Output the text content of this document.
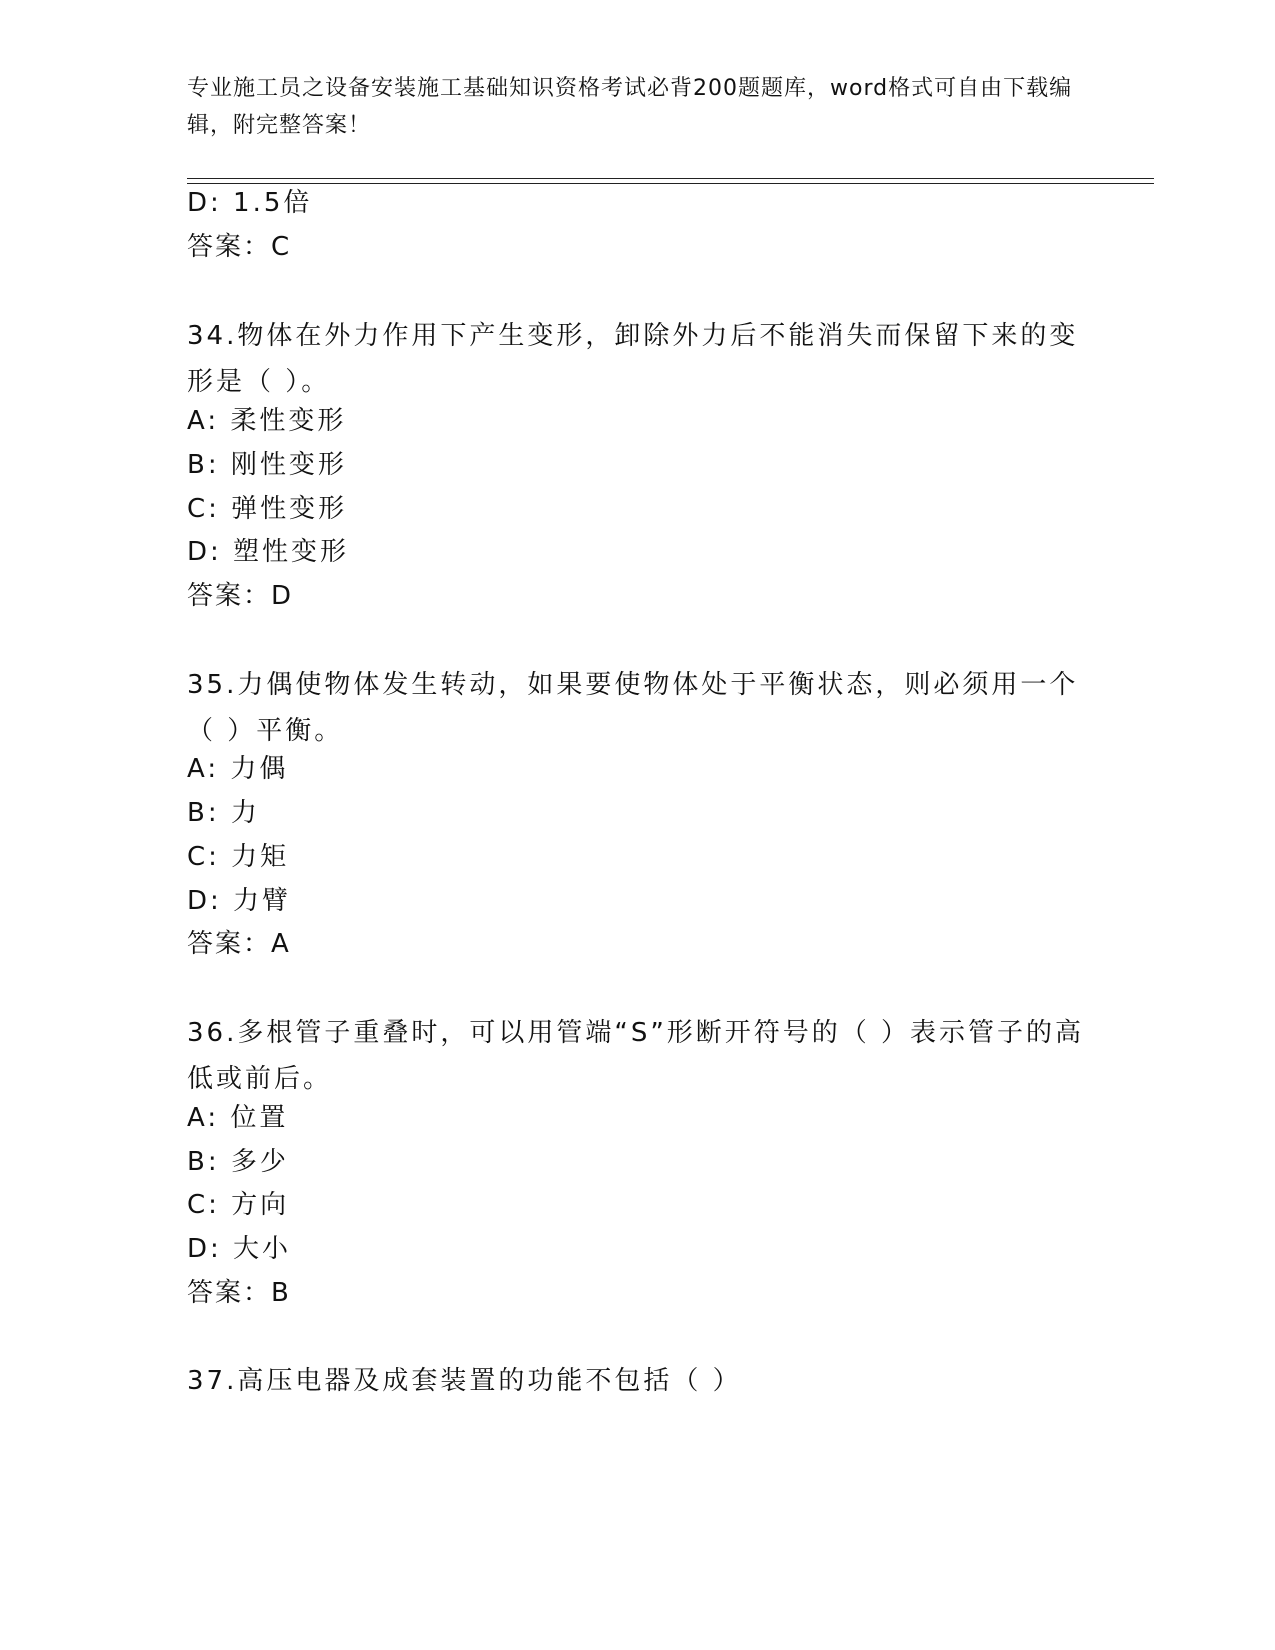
专业施工员之设备安装施工基础知识资格考试必背200题题库，word格式可自由下载编辑，附完整答案！
D: 1.5倍
答案：C
34.物体在外力作用下产生变形，卸除外力后不能消失而保留下来的变形是（ ）。
A: 柔性变形
B: 刚性变形
C: 弹性变形
D: 塑性变形
答案：D
35.力偶使物体发生转动，如果要使物体处于平衡状态，则必须用一个（ ）平衡。
A: 力偶
B: 力
C: 力矩
D: 力臂
答案：A
36.多根管子重叠时，可以用管端“S”形断开符号的（ ）表示管子的高低或前后。
A: 位置
B: 多少
C: 方向
D: 大小
答案：B
37.高压电器及成套装置的功能不包括（ ）
